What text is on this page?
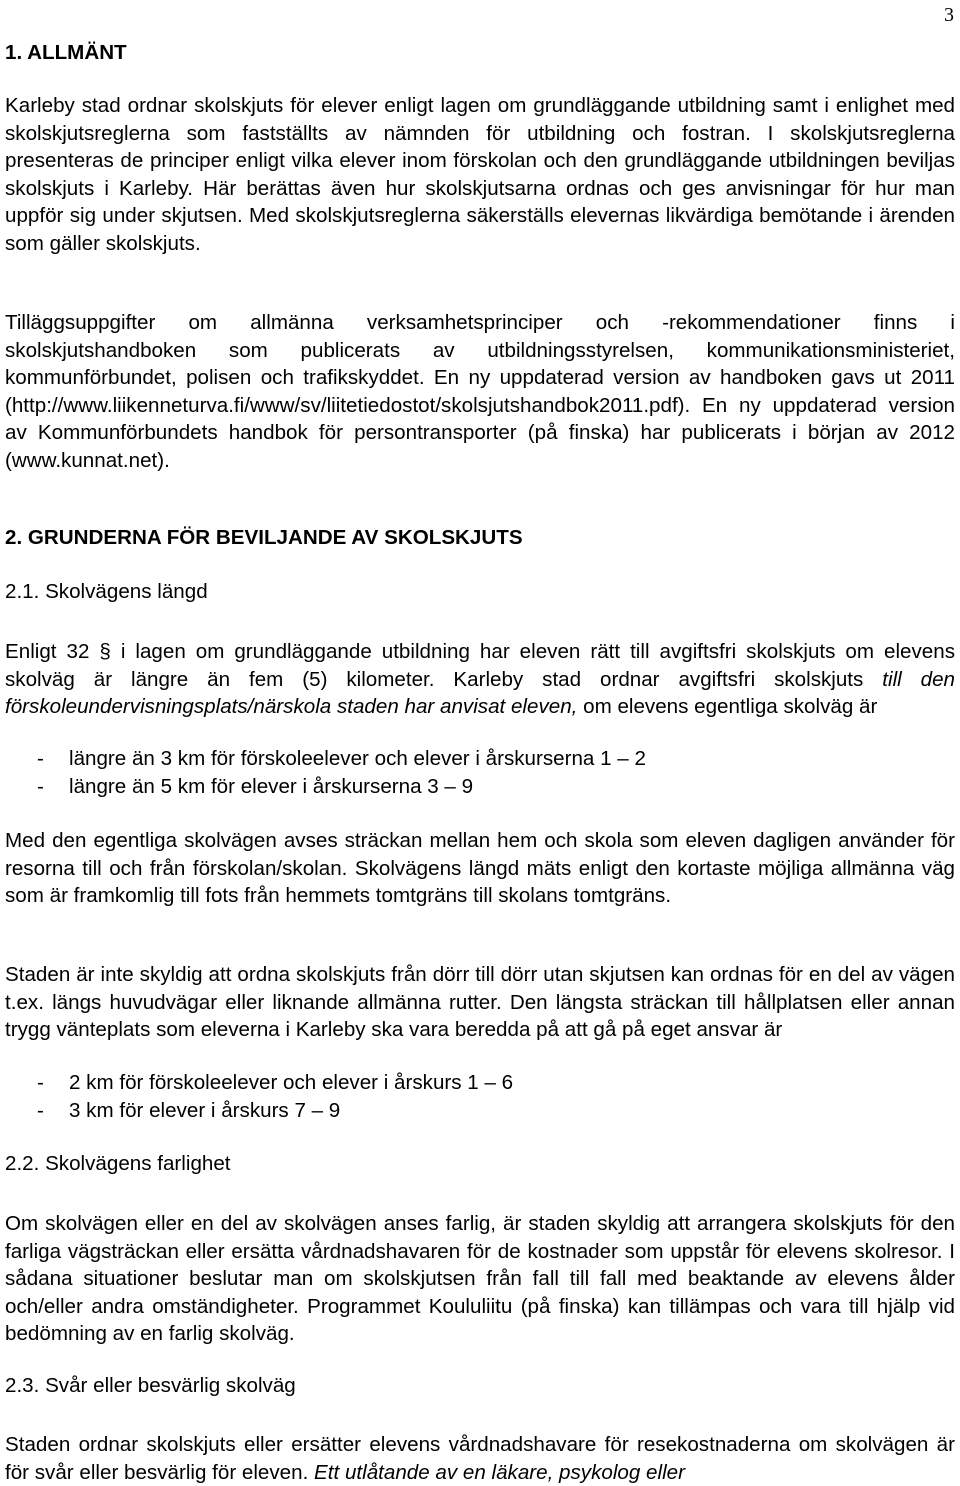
3
1. ALLMÄNT

Karleby stad ordnar skolskjuts för elever enligt lagen om grundläggande utbildning samt i enlighet med skolskjutsreglerna som fastställts av nämnden för utbildning och fostran. I skolskjutsreglerna presenteras de principer enligt vilka elever inom förskolan och den grundläggande utbildningen beviljas skolskjuts i Karleby. Här berättas även hur skolskjutsarna ordnas och ges anvisningar för hur man uppför sig under skjutsen. Med skolskjutsreglerna säkerställs elevernas likvärdiga bemötande i ärenden som gäller skolskjuts.

Tilläggsuppgifter om allmänna verksamhetsprinciper och -rekommendationer finns i skolskjutshandboken som publicerats av utbildningsstyrelsen, kommunikationsministeriet, kommunförbundet, polisen och trafikskyddet. En ny uppdaterad version av handboken gavs ut 2011 (http://www.liikenneturva.fi/www/sv/liitetiedostot/skolsjutshandbok2011.pdf). En ny uppdaterad version av Kommunförbundets handbok för persontransporter (på finska) har publicerats i början av 2012 (www.kunnat.net).

2. GRUNDERNA FÖR BEVILJANDE AV SKOLSKJUTS
2.1. Skolvägens längd

Enligt 32 § i lagen om grundläggande utbildning har eleven rätt till avgiftsfri skolskjuts om elevens skolväg är längre än fem (5) kilometer. Karleby stad ordnar avgiftsfri skolskjuts till den förskoleundervisningsplats/närskola staden har anvisat eleven, om elevens egentliga skolväg är

-	längre än 3 km för förskoleelever och elever i årskurserna 1 – 2
-	längre än 5 km för elever i årskurserna 3 – 9

Med den egentliga skolvägen avses sträckan mellan hem och skola som eleven dagligen använder för resorna till och från förskolan/skolan. Skolvägens längd mäts enligt den kortaste möjliga allmänna väg som är framkomlig till fots från hemmets tomtgräns till skolans tomtgräns.

Staden är inte skyldig att ordna skolskjuts från dörr till dörr utan skjutsen kan ordnas för en del av vägen t.ex. längs huvudvägar eller liknande allmänna rutter. Den längsta sträckan till hållplatsen eller annan trygg vänteplats som eleverna i Karleby ska vara beredda på att gå på eget ansvar är

-	2 km för förskoleelever och elever i årskurs 1 – 6
-	3 km för elever i årskurs 7 – 9
2.2. Skolvägens farlighet

Om skolvägen eller en del av skolvägen anses farlig, är staden skyldig att arrangera skolskjuts för den farliga vägsträckan eller ersätta vårdnadshavaren för de kostnader som uppstår för elevens skolresor. I sådana situationer beslutar man om skolskjutsen från fall till fall med beaktande av elevens ålder och/eller andra omständigheter. Programmet Koululiitu (på finska) kan tillämpas och vara till hjälp vid bedömning av en farlig skolväg.

2.3. Svår eller besvärlig skolväg

Staden ordnar skolskjuts eller ersätter elevens vårdnadshavare för resekostnaderna om skolvägen är för svår eller besvärlig för eleven. Ett utlåtande av en läkare, psykolog eller
